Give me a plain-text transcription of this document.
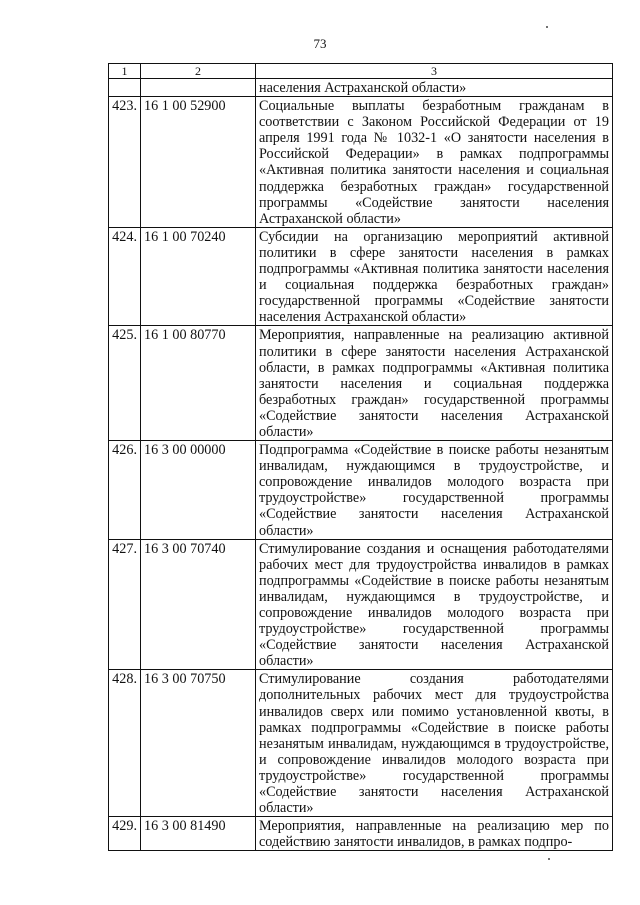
73
1	2	3
		населения Астраханской области»
423.	16 1 00 52900	Социальные выплаты безработным гражданам в соответствии с Законом Российской Федерации от 19 апреля 1991 года № 1032-1 «О занятости населения в Российской Федерации» в рамках подпрограммы «Активная политика занятости населения и социальная поддержка безработных граждан» государственной программы «Содействие занятости населения Астраханской области»
424.	16 1 00 70240	Субсидии на организацию мероприятий активной политики в сфере занятости населения в рамках подпрограммы «Активная политика занятости населения и социальная поддержка безработных граждан» государственной программы «Содействие занятости населения Астраханской области»
425.	16 1 00 80770	Мероприятия, направленные на реализацию активной политики в сфере занятости населения Астраханской области, в рамках подпрограммы «Активная политика занятости населения и социальная поддержка безработных граждан» государственной программы «Содействие занятости населения Астраханской области»
426.	16 3 00 00000	Подпрограмма «Содействие в поиске работы незанятым инвалидам, нуждающимся в трудоустройстве, и сопровождение инвалидов молодого возраста при трудоустройстве» государственной программы «Содействие занятости населения Астраханской области»
427.	16 3 00 70740	Стимулирование создания и оснащения работодателями рабочих мест для трудоустройства инвалидов в рамках подпрограммы «Содействие в поиске работы незанятым инвалидам, нуждающимся в трудоустройстве, и сопровождение инвалидов молодого возраста при трудоустройстве» государственной программы «Содействие занятости населения Астраханской области»
428.	16 3 00 70750	Стимулирование создания работодателями дополнительных рабочих мест для трудоустройства инвалидов сверх или помимо установленной квоты, в рамках подпрограммы «Содействие в поиске работы незанятым инвалидам, нуждающимся в трудоустройстве, и сопровождение инвалидов молодого возраста при трудоустройстве» государственной программы «Содействие занятости населения Астраханской области»
429.	16 3 00 81490	Мероприятия, направленные на реализацию мер по содействию занятости инвалидов, в рамках подпро-
